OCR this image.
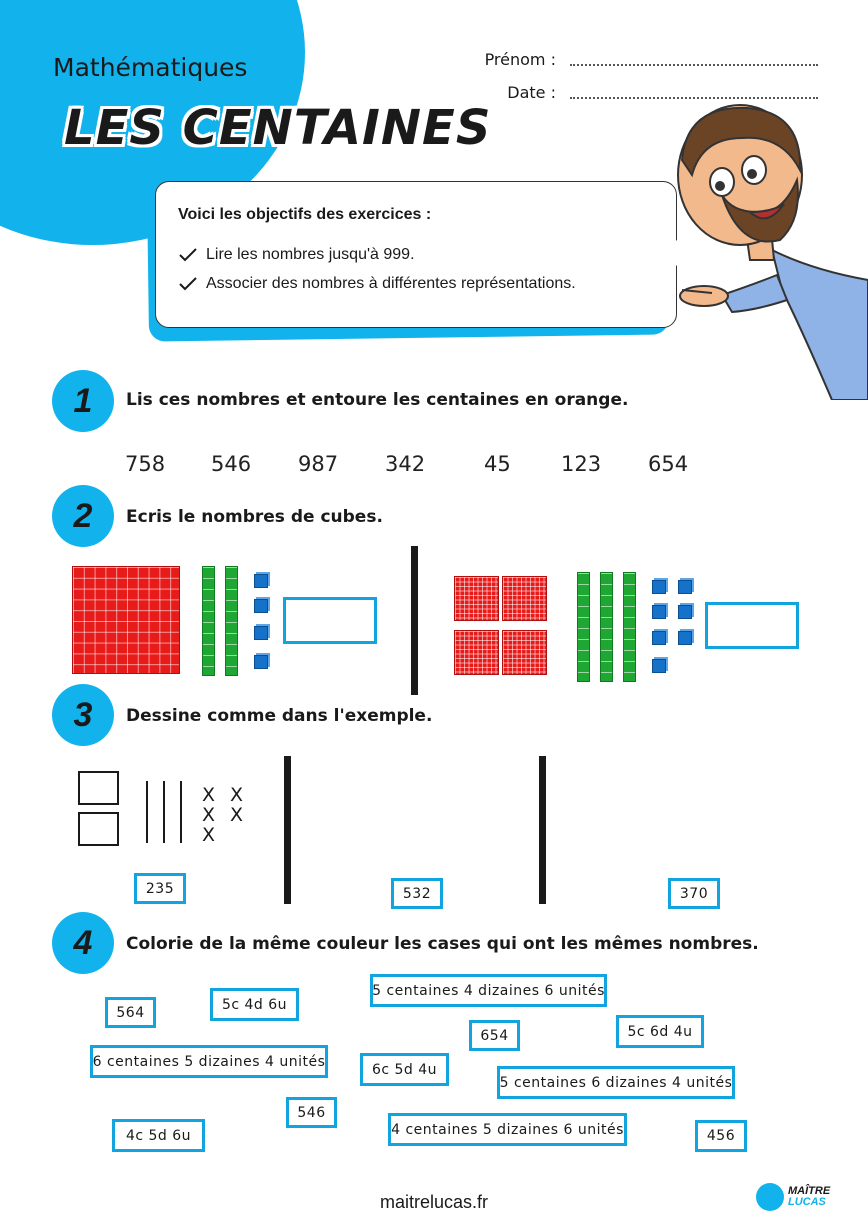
Mathématiques
LES CENTAINES
Prénom :
Date :
Voici les objectifs des exercices :
Lire les nombres jusqu'à 999.
Associer des nombres à différentes représentations.
1	Lis ces nombres et entoure les centaines en orange.
758 546 987 342	45 123 654
2	Ecris le nombres de cubes.
3	Dessine comme dans l'exemple.
X X
X X
X
235	532	370
4	Colorie de la même couleur les cases qui ont les mêmes nombres.
564	5c 4d 6u
5 centaines 4 dizaines 6 unités
654	5c 6d 4u
6 centaines 5 dizaines 4 unités	6c 5d 4u
5 centaines 6 dizaines 4 unités
546
4c 5d 6u	4 centaines 5 dizaines 6 unités	456
maitrelucas.fr
MAÎTRE
LUCAS
